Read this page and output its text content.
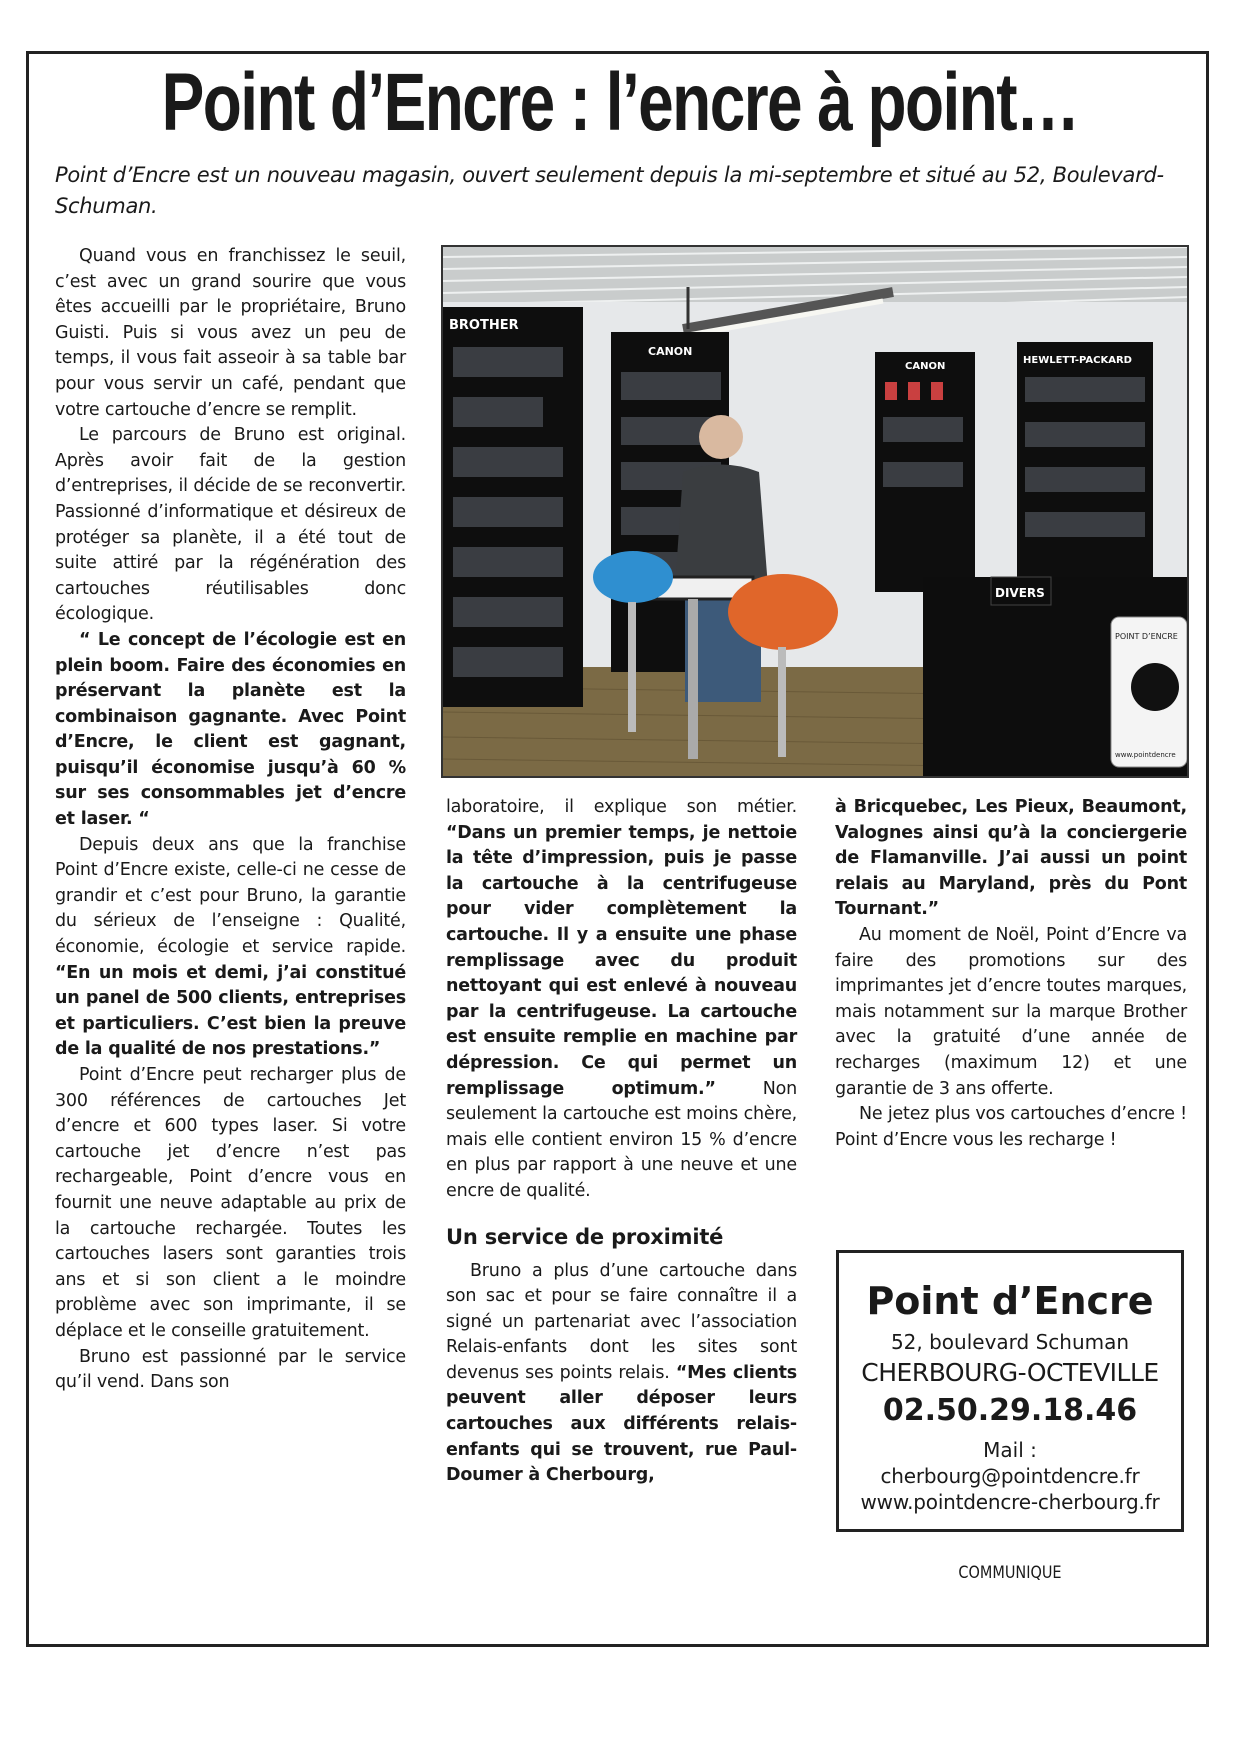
Point d’Encre : l’encre à point…
Point d’Encre est un nouveau magasin, ouvert seulement depuis la mi-septembre et situé au 52, Boulevard-Schuman.

Quand vous en franchissez le seuil, c’est avec un grand sourire que vous êtes accueilli par le propriétaire, Bruno Guisti. Puis si vous avez un peu de temps, il vous fait asseoir à sa table bar pour vous servir un café, pendant que votre cartouche d’encre se remplit.

Le parcours de Bruno est original. Après avoir fait de la gestion d’entreprises, il décide de se reconvertir. Passionné d’informatique et désireux de protéger sa planète, il a été tout de suite attiré par la régénération des cartouches réutilisables donc écologique.

“ Le concept de l’écologie est en plein boom. Faire des économies en préservant la planète est la combinaison gagnante. Avec Point d’Encre, le client est gagnant, puisqu’il économise jusqu’à 60 % sur ses consommables jet d’encre et laser. “

Depuis deux ans que la franchise Point d’Encre existe, celle-ci ne cesse de grandir et c’est pour Bruno, la garantie du sérieux de l’enseigne : Qualité, économie, écologie et service rapide. “En un mois et demi, j’ai constitué un panel de 500 clients, entreprises et particuliers. C’est bien la preuve de la qualité de nos prestations.”

Point d’Encre peut recharger plus de 300 références de cartouches Jet d’encre et 600 types laser. Si votre cartouche jet d’encre n’est pas rechargeable, Point d’encre vous en fournit une neuve adaptable au prix de la cartouche rechargée. Toutes les cartouches lasers sont garanties trois ans et si son client a le moindre problème avec son imprimante, il se déplace et le conseille gratuitement.

Bruno est passionné par le service qu’il vend. Dans son

BROTHER
CANON
CANON
HEWLETT-PACKARD
DIVERS
POINT D’ENCRE
www.pointdencre

laboratoire, il explique son métier. “Dans un premier temps, je nettoie la tête d’impression, puis je passe la cartouche à la centrifugeuse pour vider complètement la cartouche. Il y a ensuite une phase remplissage avec du produit nettoyant qui est enlevé à nouveau par la centrifugeuse. La cartouche est ensuite remplie en machine par dépression. Ce qui permet un remplissage optimum.” Non seulement la cartouche est moins chère, mais elle contient environ 15 % d’encre en plus par rapport à une neuve et une encre de qualité.

Un service de proximité

Bruno a plus d’une cartouche dans son sac et pour se faire connaître il a signé un partenariat avec l’association Relais-enfants dont les sites sont devenus ses points relais. “Mes clients peuvent aller déposer leurs cartouches aux différents relais-enfants qui se trouvent, rue Paul-Doumer à Cherbourg,

à Bricquebec, Les Pieux, Beaumont, Valognes ainsi qu’à la conciergerie de Flamanville. J’ai aussi un point relais au Maryland, près du Pont Tournant.”

Au moment de Noël, Point d’Encre va faire des promotions sur des imprimantes jet d’encre toutes marques, mais notamment sur la marque Brother avec la gratuité d’une année de recharges (maximum 12) et une garantie de 3 ans offerte.

Ne jetez plus vos cartouches d’encre ! Point d’Encre vous les recharge !

Point d’Encre
52, boulevard Schuman
CHERBOURG-OCTEVILLE
02.50.29.18.46
Mail :
cherbourg@pointdencre.fr
www.pointdencre-cherbourg.fr
COMMUNIQUE
